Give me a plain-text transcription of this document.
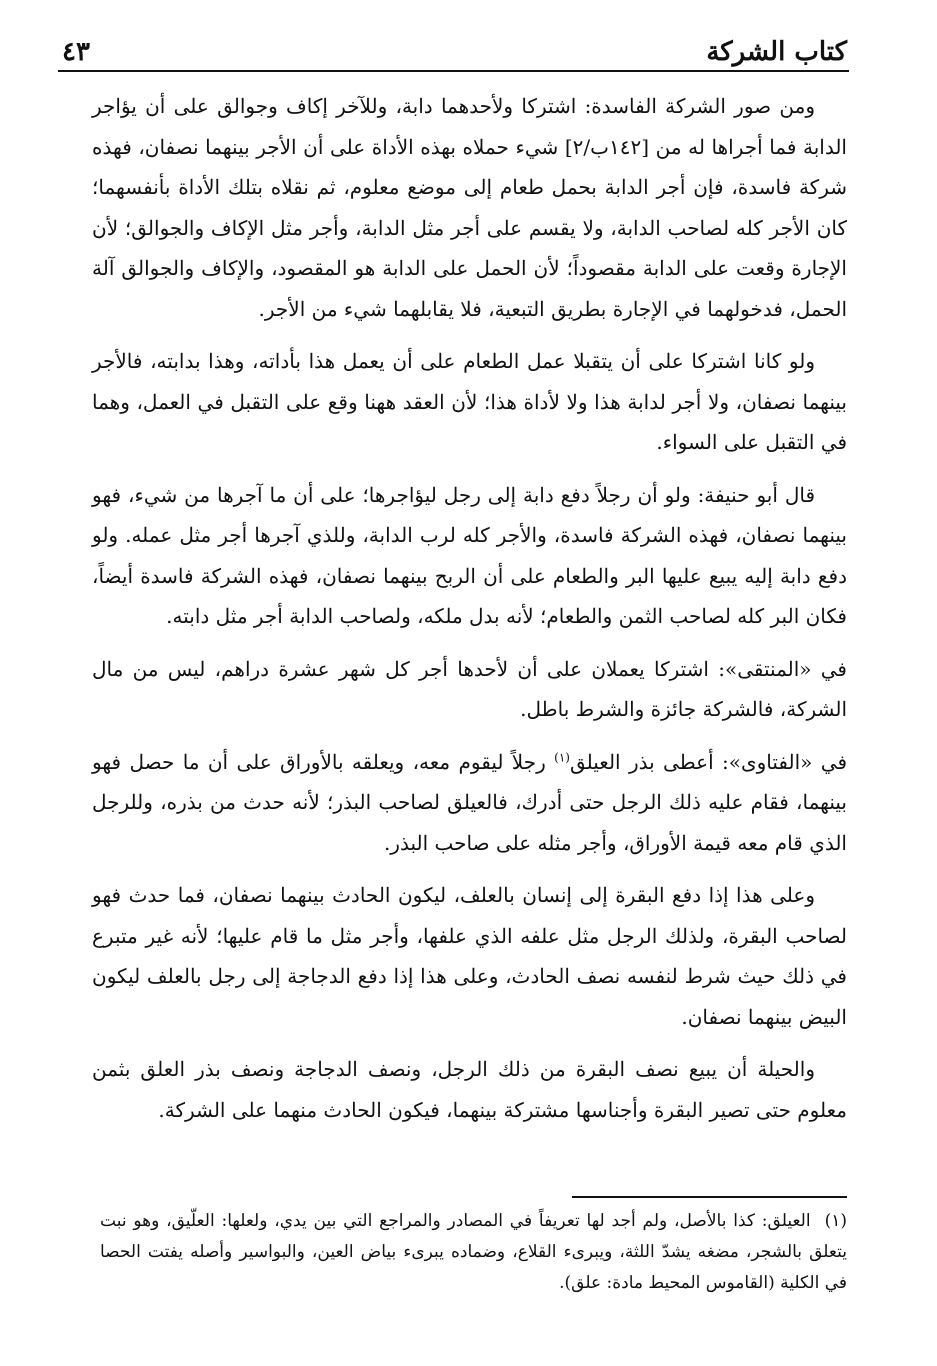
كتاب الشركة
٤٣

ومن صور الشركة الفاسدة: اشتركا ولأحدهما دابة، وللآخر إكاف وجوالق على أن يؤاجر الدابة فما أجراها له من [١٤٢ب/٢] شيء حملاه بهذه الأداة على أن الأجر بينهما نصفان، فهذه شركة فاسدة، فإن أجر الدابة بحمل طعام إلى موضع معلوم، ثم نقلاه بتلك الأداة بأنفسهما؛ كان الأجر كله لصاحب الدابة، ولا يقسم على أجر مثل الدابة، وأجر مثل الإكاف والجوالق؛ لأن الإجارة وقعت على الدابة مقصوداً؛ لأن الحمل على الدابة هو المقصود، والإكاف والجوالق آلة الحمل، فدخولهما في الإجارة بطريق التبعية، فلا يقابلهما شيء من الأجر.

ولو كانا اشتركا على أن يتقبلا عمل الطعام على أن يعمل هذا بأداته، وهذا بدابته، فالأجر بينهما نصفان، ولا أجر لدابة هذا ولا لأداة هذا؛ لأن العقد ههنا وقع على التقبل في العمل، وهما في التقبل على السواء.

قال أبو حنيفة: ولو أن رجلاً دفع دابة إلى رجل ليؤاجرها؛ على أن ما آجرها من شيء، فهو بينهما نصفان، فهذه الشركة فاسدة، والأجر كله لرب الدابة، وللذي آجرها أجر مثل عمله. ولو دفع دابة إليه يبيع عليها البر والطعام على أن الربح بينهما نصفان، فهذه الشركة فاسدة أيضاً، فكان البر كله لصاحب الثمن والطعام؛ لأنه بدل ملكه، ولصاحب الدابة أجر مثل دابته.

في «المنتقى»: اشتركا يعملان على أن لأحدها أجر كل شهر عشرة دراهم، ليس من مال الشركة، فالشركة جائزة والشرط باطل.

في «الفتاوى»: أعطى بذر العيلق$^{(١)}$ رجلاً ليقوم معه، ويعلقه بالأوراق على أن ما حصل فهو بينهما، فقام عليه ذلك الرجل حتى أدرك، فالعيلق لصاحب البذر؛ لأنه حدث من بذره، وللرجل الذي قام معه قيمة الأوراق، وأجر مثله على صاحب البذر.

وعلى هذا إذا دفع البقرة إلى إنسان بالعلف، ليكون الحادث بينهما نصفان، فما حدث فهو لصاحب البقرة، ولذلك الرجل مثل علفه الذي علفها، وأجر مثل ما قام عليها؛ لأنه غير متبرع في ذلك حيث شرط لنفسه نصف الحادث، وعلى هذا إذا دفع الدجاجة إلى رجل بالعلف ليكون البيض بينهما نصفان.

والحيلة أن يبيع نصف البقرة من ذلك الرجل، ونصف الدجاجة ونصف بذر العلق بثمن معلوم حتى تصير البقرة وأجناسها مشتركة بينهما، فيكون الحادث منهما على الشركة.

(١)العيلق: كذا بالأصل، ولم أجد لها تعريفاً في المصادر والمراجع التي بين يدي، ولعلها: العلّيق، وهو نبت يتعلق بالشجر، مضغه يشدّ اللثة، ويبرىء القلاع، وضماده يبرىء بياض العين، والبواسير وأصله يفتت الحصا في الكلية (القاموس المحيط مادة: علق).
